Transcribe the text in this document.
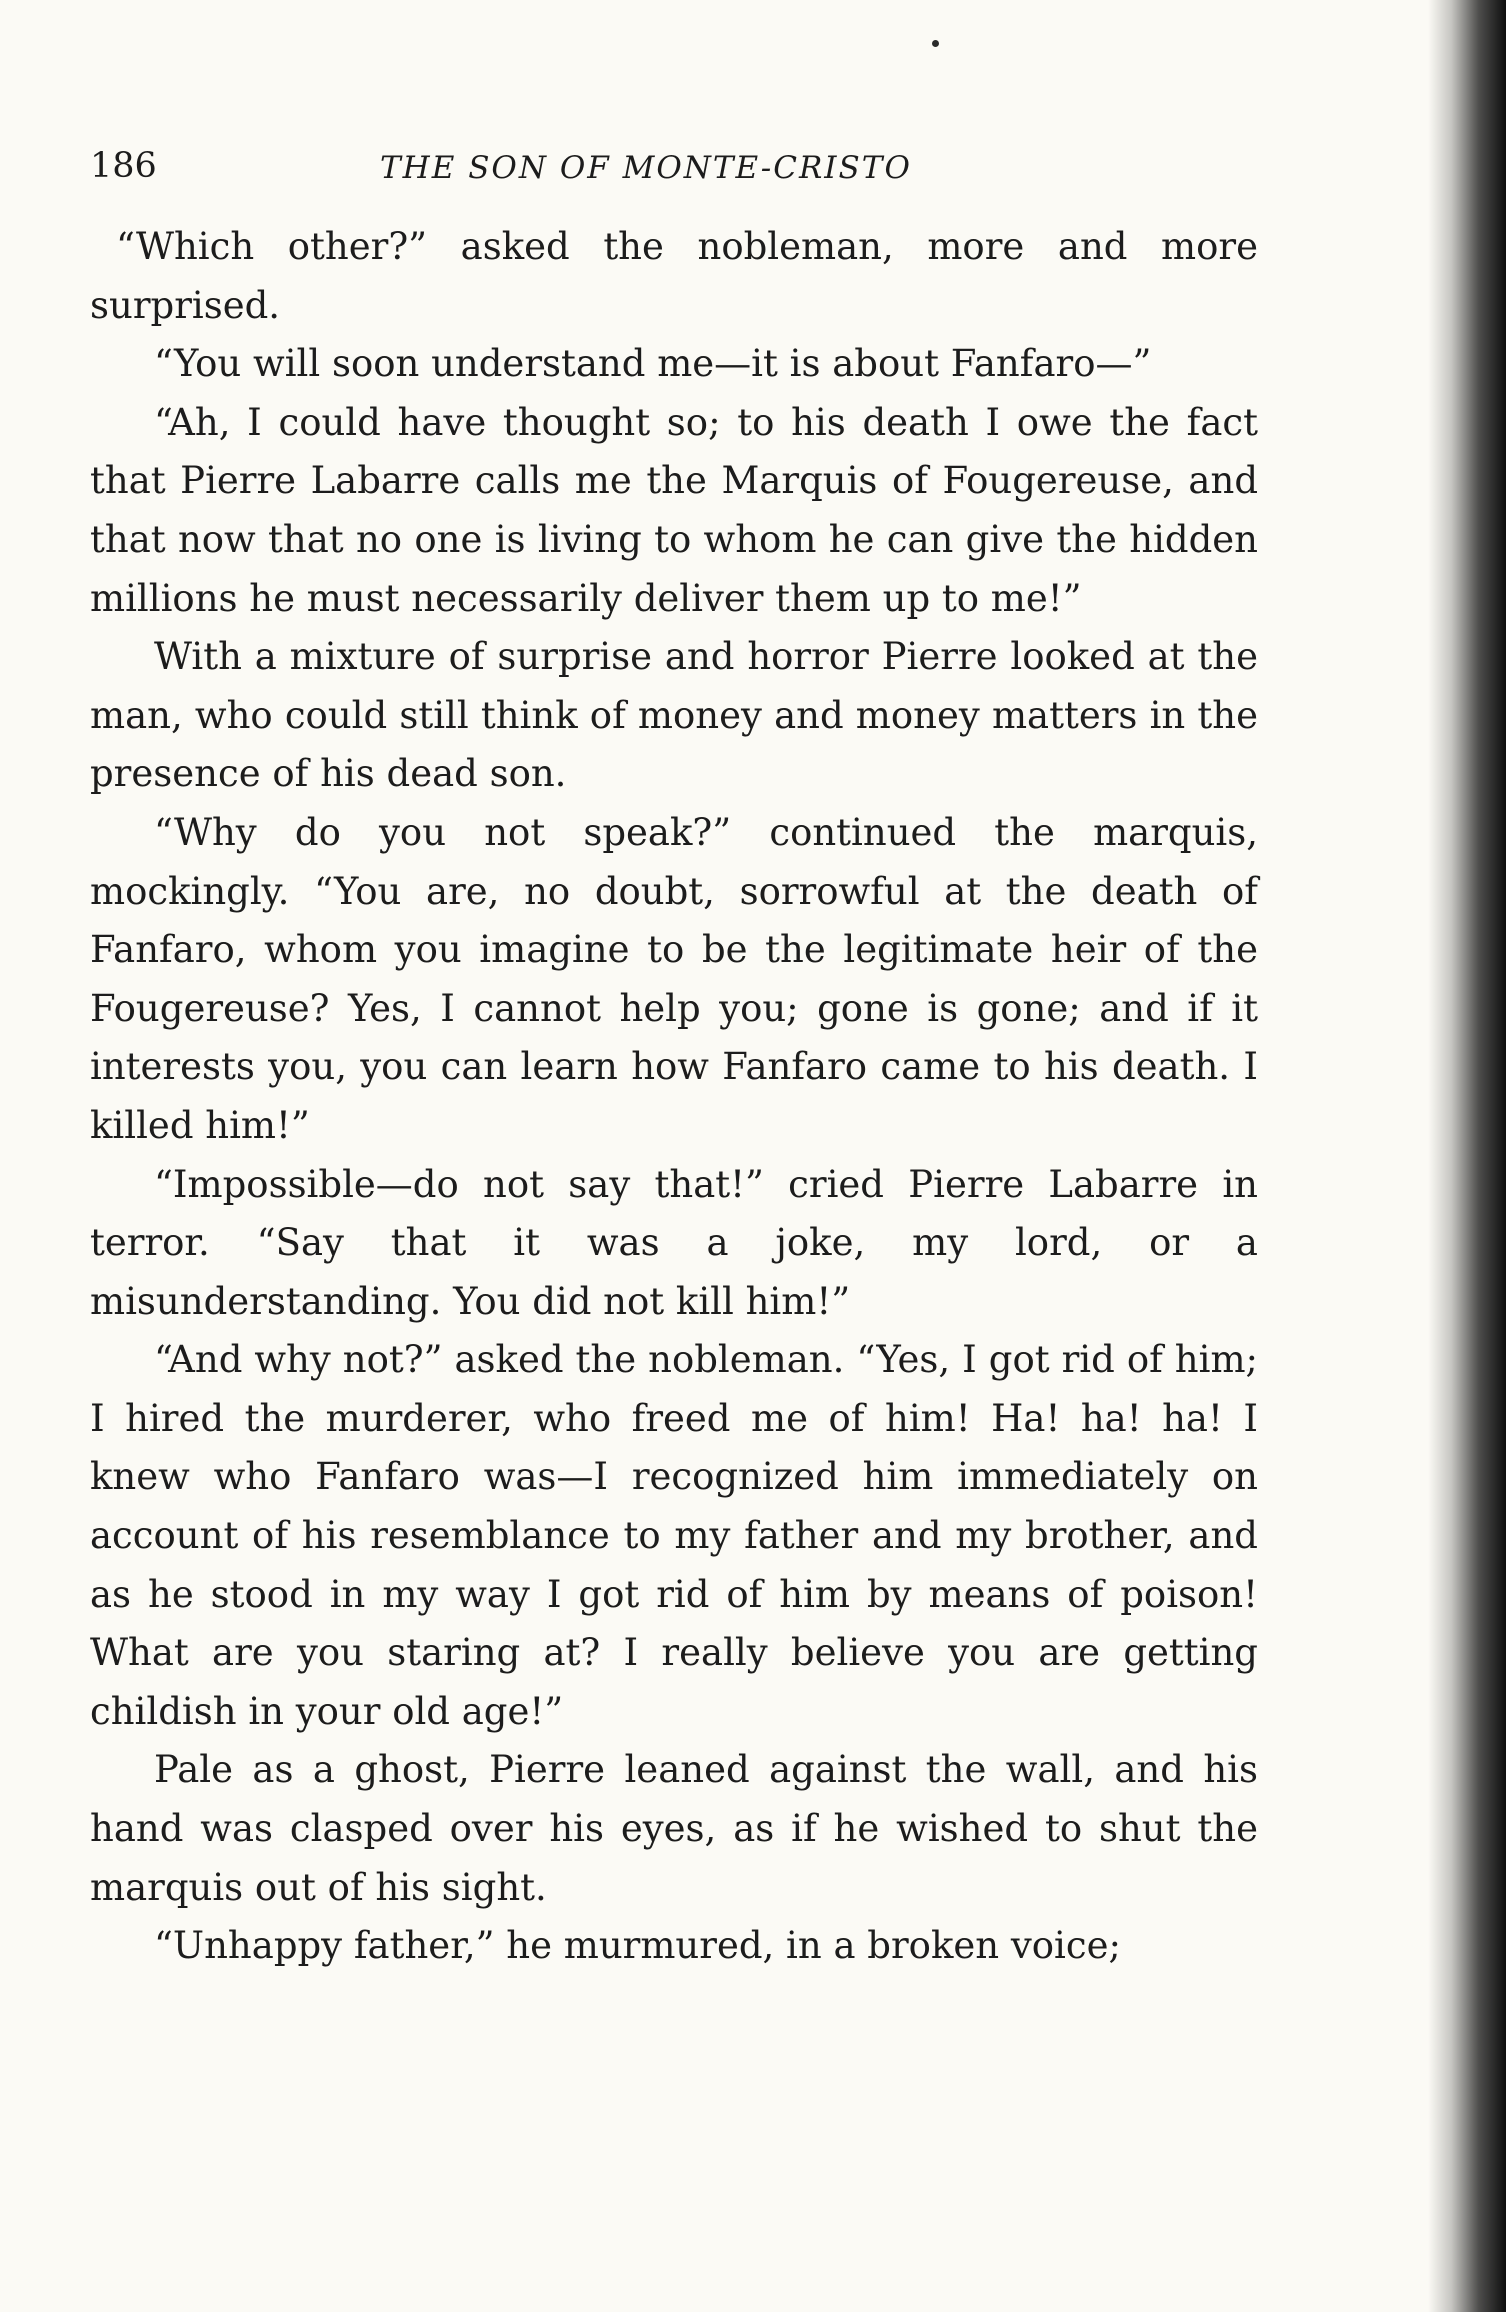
186	THE SON OF MONTE-CRISTO

“Which other?” asked the nobleman, more and more surprised.

“You will soon understand me—it is about Fanfaro—”

“Ah, I could have thought so; to his death I owe the fact that Pierre Labarre calls me the Marquis of Fougereuse, and that now that no one is living to whom he can give the hidden millions he must necessarily deliver them up to me!”

With a mixture of surprise and horror Pierre looked at the man, who could still think of money and money matters in the presence of his dead son.

“Why do you not speak?” continued the marquis, mockingly. “You are, no doubt, sorrowful at the death of Fanfaro, whom you imagine to be the legitimate heir of the Fougereuse? Yes, I cannot help you; gone is gone; and if it interests you, you can learn how Fanfaro came to his death. I killed him!”

“Impossible—do not say that!” cried Pierre Labarre in terror. “Say that it was a joke, my lord, or a misunderstanding. You did not kill him!”

“And why not?” asked the nobleman. “Yes, I got rid of him; I hired the murderer, who freed me of him! Ha! ha! ha! I knew who Fanfaro was—I recognized him immediately on account of his resemblance to my father and my brother, and as he stood in my way I got rid of him by means of poison! What are you staring at? I really believe you are getting childish in your old age!”

Pale as a ghost, Pierre leaned against the wall, and his hand was clasped over his eyes, as if he wished to shut the marquis out of his sight.

“Unhappy father,” he murmured, in a broken voice;
